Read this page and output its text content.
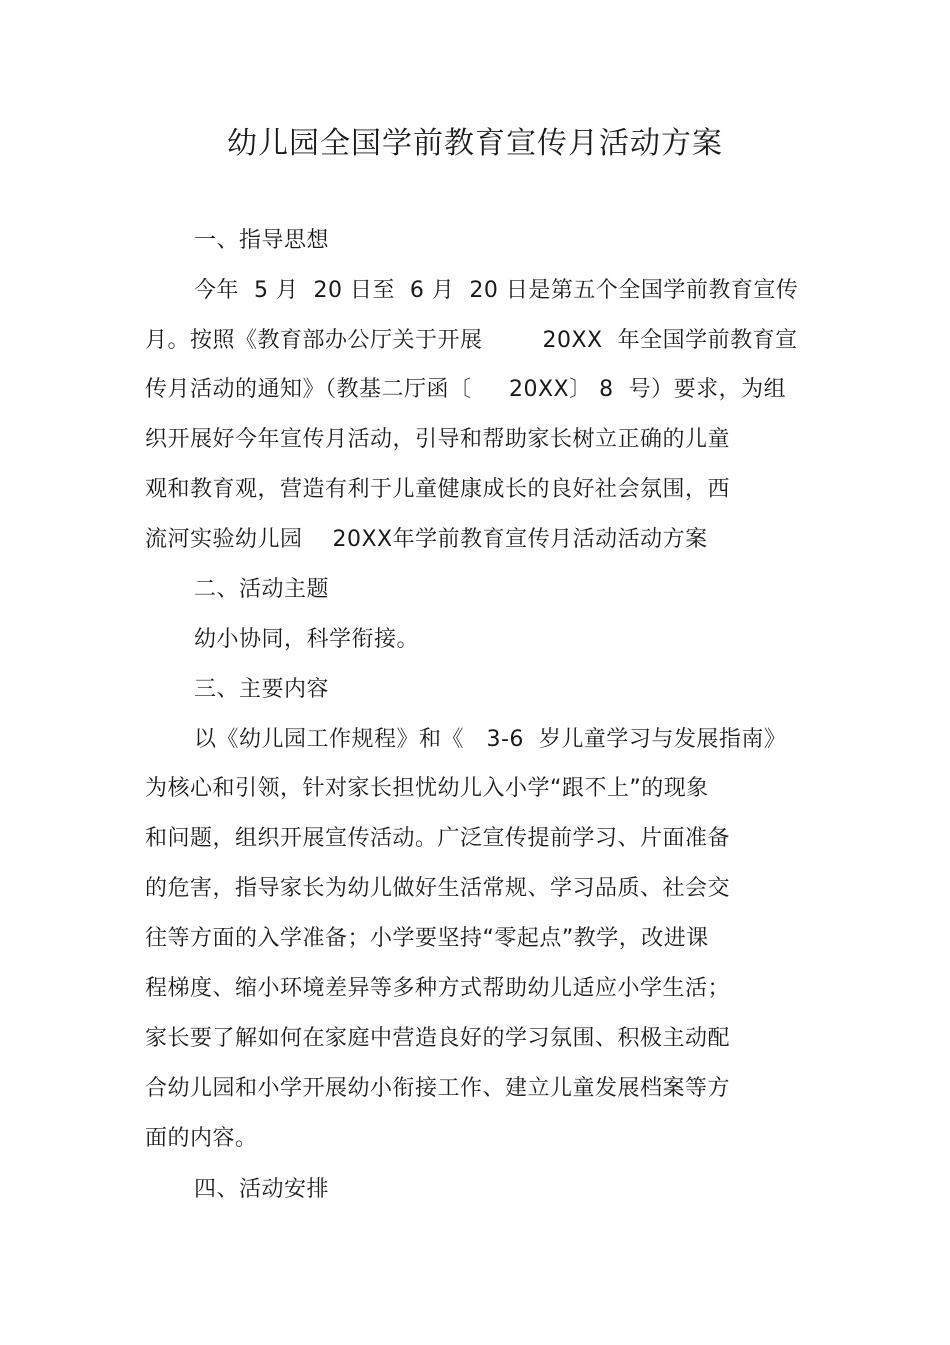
幼儿园全国学前教育宣传月活动方案
一、指导思想
今年  5 月  20 日至  6 月  20 日是第五个全国学前教育宣传
月。按照《教育部办公厅关于开展        20XX  年全国学前教育宣
传月活动的通知》（教基二厅函〔     20XX〕 8  号）要求，为组
织开展好今年宣传月活动，引导和帮助家长树立正确的儿童
观和教育观，营造有利于儿童健康成长的良好社会氛围，西
流河实验幼儿园    20XX年学前教育宣传月活动活动方案
二、活动主题
幼小协同，科学衔接。
三、主要内容
以《幼儿园工作规程》和《   3-6  岁儿童学习与发展指南》
为核心和引领，针对家长担忧幼儿入小学“跟不上”的现象
和问题，组织开展宣传活动。广泛宣传提前学习、片面准备
的危害，指导家长为幼儿做好生活常规、学习品质、社会交
往等方面的入学准备；小学要坚持“零起点”教学，改进课
程梯度、缩小环境差异等多种方式帮助幼儿适应小学生活；
家长要了解如何在家庭中营造良好的学习氛围、积极主动配
合幼儿园和小学开展幼小衔接工作、建立儿童发展档案等方
面的内容。
四、活动安排
